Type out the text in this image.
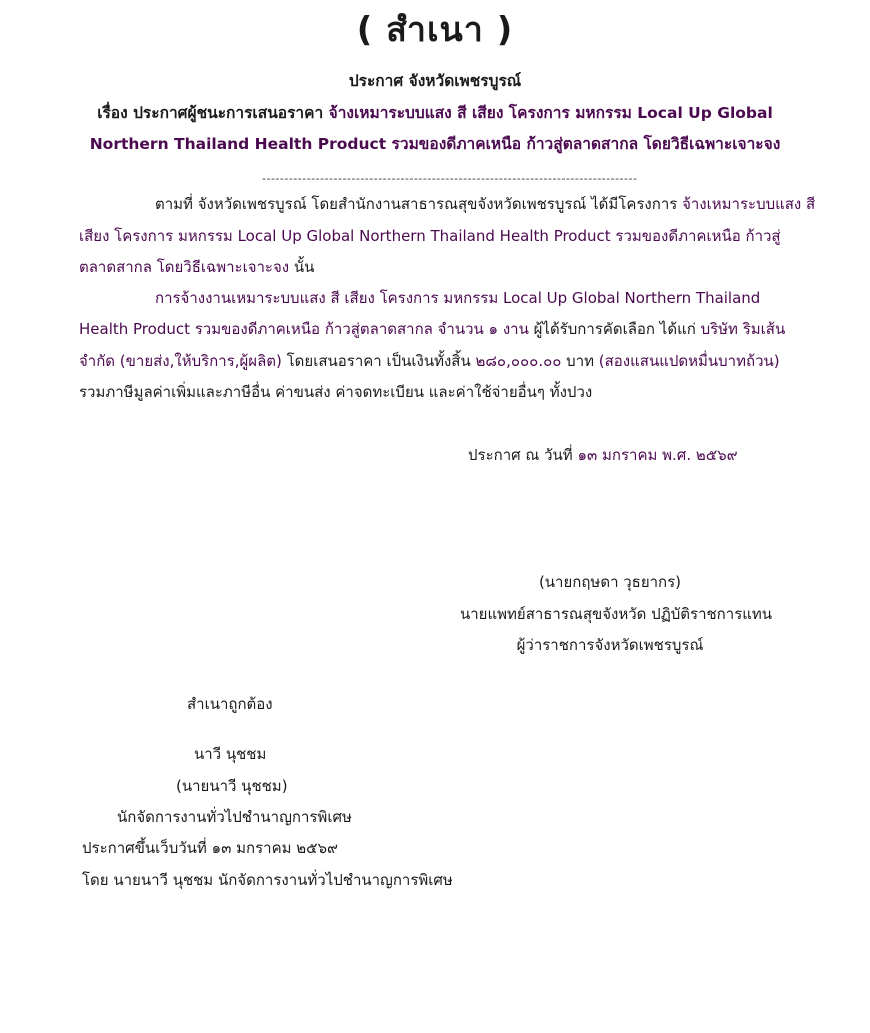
( สำเนา )
ประกาศ จังหวัดเพชรบูรณ์
เรื่อง ประกาศผู้ชนะการเสนอราคา จ้างเหมาระบบแสง สี เสียง โครงการ มหกรรม Local Up Global
Northern Thailand Health Product รวมของดีภาคเหนือ ก้าวสู่ตลาดสากล โดยวิธีเฉพาะเจาะจง
------------------------------------------------------------------------------------
ตามที่ จังหวัดเพชรบูรณ์ โดยสำนักงานสาธารณสุขจังหวัดเพชรบูรณ์ ได้มีโครงการ จ้างเหมาระบบแสง สี
เสียง โครงการ มหกรรม Local Up Global Northern Thailand Health Product รวมของดีภาคเหนือ ก้าวสู่
ตลาดสากล โดยวิธีเฉพาะเจาะจง นั้น
การจ้างงานเหมาระบบแสง สี เสียง โครงการ มหกรรม Local Up Global Northern Thailand
Health Product รวมของดีภาคเหนือ ก้าวสู่ตลาดสากล จำนวน ๑ งาน ผู้ได้รับการคัดเลือก ได้แก่ บริษัท ริมเส้น
จำกัด (ขายส่ง,ให้บริการ,ผู้ผลิต) โดยเสนอราคา เป็นเงินทั้งสิ้น ๒๘๐,๐๐๐.๐๐ บาท (สองแสนแปดหมื่นบาทถ้วน)
รวมภาษีมูลค่าเพิ่มและภาษีอื่น ค่าขนส่ง ค่าจดทะเบียน และค่าใช้จ่ายอื่นๆ ทั้งปวง
ประกาศ ณ วันที่ ๑๓ มกราคม พ.ศ. ๒๕๖๙
(นายกฤษดา วุธยากร)
นายแพทย์สาธารณสุขจังหวัด ปฏิบัติราชการแทน
ผู้ว่าราชการจังหวัดเพชรบูรณ์
สำเนาถูกต้อง
นาวี นุชชม
(นายนาวี นุชชม)
นักจัดการงานทั่วไปชำนาญการพิเศษ
ประกาศขึ้นเว็บวันที่ ๑๓ มกราคม ๒๕๖๙
โดย นายนาวี นุชชม นักจัดการงานทั่วไปชำนาญการพิเศษ
